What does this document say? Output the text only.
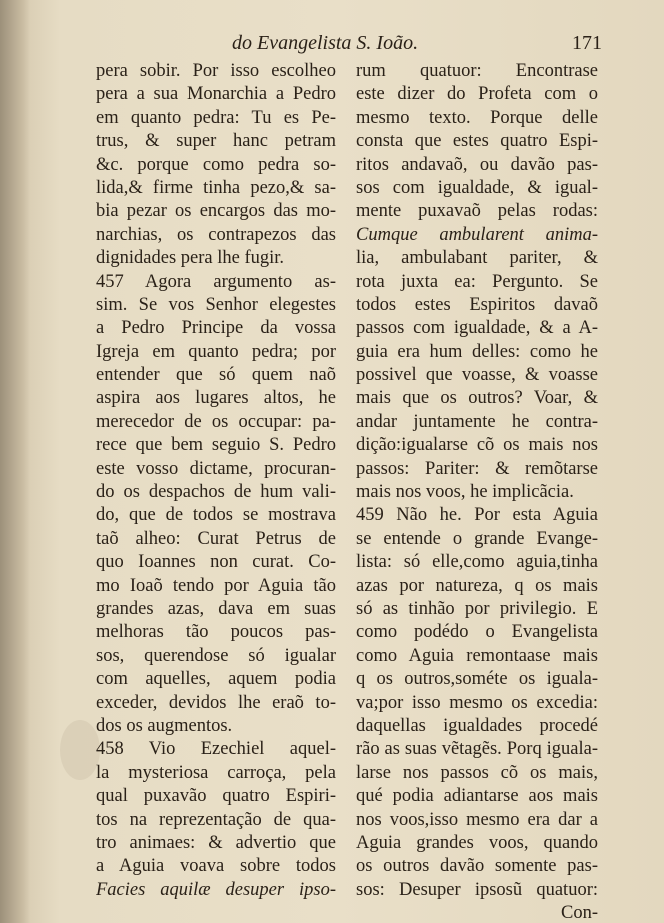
do Evangelista S. Ioão.	171
pera sobir. Por isso escolheo
pera a sua Monarchia a Pedro
em quanto pedra: Tu es Pe-
trus, & super hanc petram
&c. porque como pedra so-
lida,& firme tinha pezo,& sa-
bia pezar os encargos das mo-
narchias, os contrapezos das
dignidades pera lhe fugir.
457 Agora argumento as-
sim. Se vos Senhor elegestes
a Pedro Principe da vossa
Igreja em quanto pedra; por
entender que só quem naõ
aspira aos lugares altos, he
merecedor de os occupar: pa-
rece que bem seguio S. Pedro
este vosso dictame, procuran-
do os despachos de hum vali-
do, que de todos se mostrava
taõ alheo: Curat Petrus de
quo Ioannes non curat. Co-
mo Ioaõ tendo por Aguia tão
grandes azas, dava em suas
melhoras tão poucos pas-
sos, querendose só igualar
com aquelles, aquem podia
exceder, devidos lhe eraõ to-
dos os augmentos.
458 Vio Ezechiel aquel-
la mysteriosa carroça, pela
qual puxavão quatro Espiri-
tos na reprezentação de qua-
tro animaes: & advertio que
a Aguia voava sobre todos
Facies aquilæ desuper ipso-
rum quatuor: Encontrase
este dizer do Profeta com o
mesmo texto. Porque delle
consta que estes quatro Espi-
ritos andavaõ, ou davão pas-
sos com igualdade, & igual-
mente puxavaõ pelas rodas:
Cumque ambularent anima-
lia, ambulabant pariter, &
rota juxta ea: Pergunto. Se
todos estes Espiritos davaõ
passos com igualdade, & a A-
guia era hum delles: como he
possivel que voasse, & voasse
mais que os outros? Voar, &
andar juntamente he contra-
dição:igualarse cõ os mais nos
passos: Pariter: & remõtarse
mais nos voos, he implicãcia.
459 Não he. Por esta Aguia
se entende o grande Evange-
lista: só elle,como aguia,tinha
azas por natureza, q os mais
só as tinhão por privilegio. E
como podédo o Evangelista
como Aguia remontaase mais
q os outros,sométe os iguala-
va;por isso mesmo os excedia:
daquellas igualdades procedé
rão as suas vẽtagẽs. Porq iguala-
larse nos passos cõ os mais,
qué podia adiantarse aos mais
nos voos,isso mesmo era dar a
Aguia grandes voos, quando
os outros davão somente pas-
sos: Desuper ipsosũ quatuor:
Con-
